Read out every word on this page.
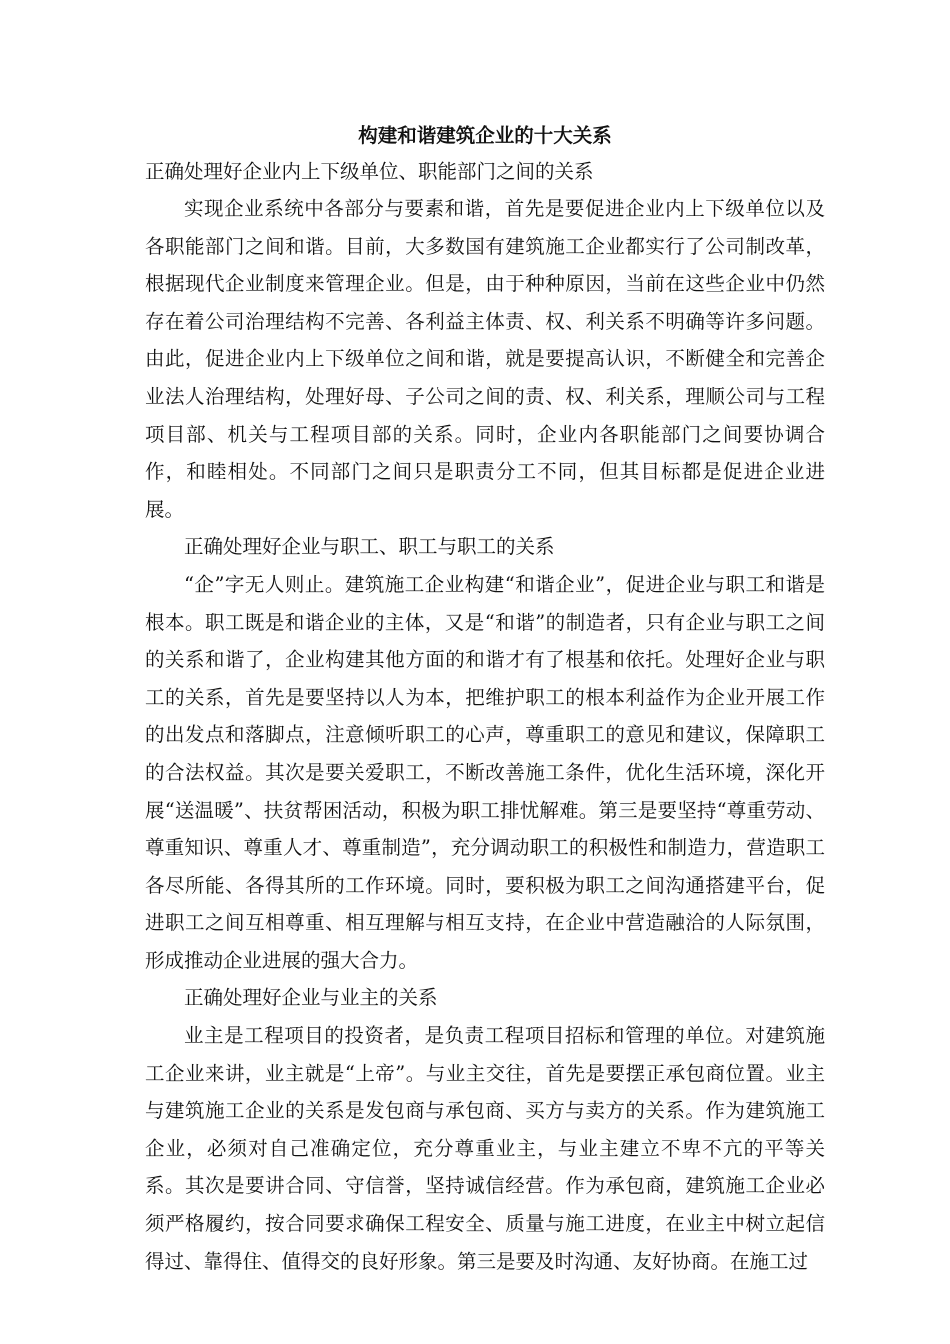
构建和谐建筑企业的十大关系
正确处理好企业内上下级单位、职能部门之间的关系

实现企业系统中各部分与要素和谐，首先是要促进企业内上下级单位以及各职能部门之间和谐。目前，大多数国有建筑施工企业都实行了公司制改革，根据现代企业制度来管理企业。但是，由于种种原因，当前在这些企业中仍然存在着公司治理结构不完善、各利益主体责、权、利关系不明确等许多问题。由此，促进企业内上下级单位之间和谐，就是要提高认识，不断健全和完善企业法人治理结构，处理好母、子公司之间的责、权、利关系，理顺公司与工程项目部、机关与工程项目部的关系。同时，企业内各职能部门之间要协调合作，和睦相处。不同部门之间只是职责分工不同，但其目标都是促进企业进展。

正确处理好企业与职工、职工与职工的关系

“企”字无人则止。建筑施工企业构建“和谐企业”，促进企业与职工和谐是根本。职工既是和谐企业的主体，又是“和谐”的制造者，只有企业与职工之间的关系和谐了，企业构建其他方面的和谐才有了根基和依托。处理好企业与职工的关系，首先是要坚持以人为本，把维护职工的根本利益作为企业开展工作的出发点和落脚点，注意倾听职工的心声，尊重职工的意见和建议，保障职工的合法权益。其次是要关爱职工，不断改善施工条件，优化生活环境，深化开展“送温暖”、扶贫帮困活动，积极为职工排忧解难。第三是要坚持“尊重劳动、尊重知识、尊重人才、尊重制造”，充分调动职工的积极性和制造力，营造职工各尽所能、各得其所的工作环境。同时，要积极为职工之间沟通搭建平台，促进职工之间互相尊重、相互理解与相互支持，在企业中营造融洽的人际氛围，形成推动企业进展的强大合力。

正确处理好企业与业主的关系

业主是工程项目的投资者，是负责工程项目招标和管理的单位。对建筑施工企业来讲，业主就是“上帝”。与业主交往，首先是要摆正承包商位置。业主与建筑施工企业的关系是发包商与承包商、买方与卖方的关系。作为建筑施工企业，必须对自己准确定位，充分尊重业主，与业主建立不卑不亢的平等关系。其次是要讲合同、守信誉，坚持诚信经营。作为承包商，建筑施工企业必须严格履约，按合同要求确保工程安全、质量与施工进度，在业主中树立起信得过、靠得住、值得交的良好形象。第三是要及时沟通、友好协商。在施工过
